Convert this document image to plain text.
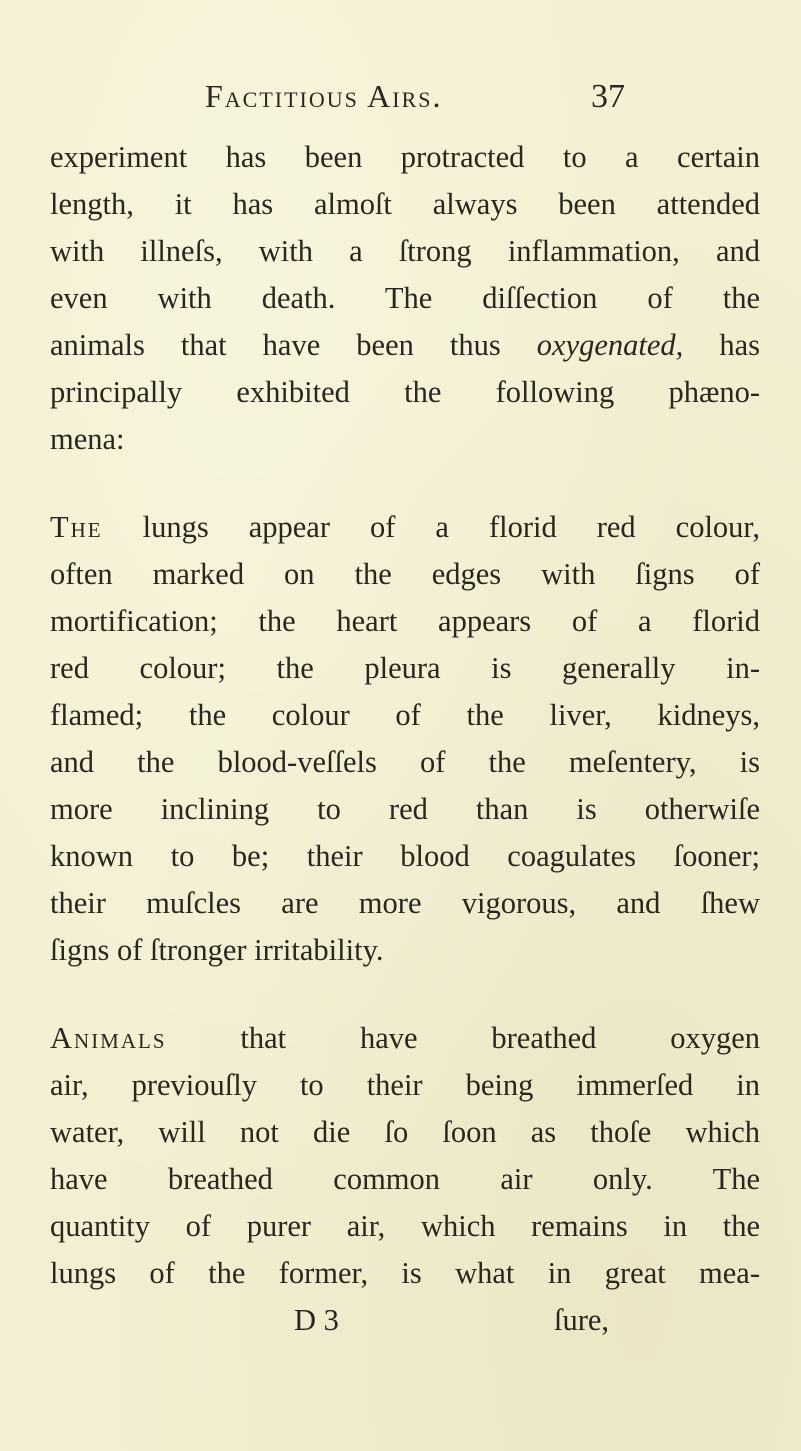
Factitious Airs.	37
experiment has been protracted to a certain
length, it has almoſt always been attended
with illneſs, with a ſtrong inflammation, and
even with death. The diſſection of the
animals that have been thus oxygenated, has
principally exhibited the following phæno-
mena:
The lungs appear of a florid red colour,
often marked on the edges with ſigns of
mortification; the heart appears of a florid
red colour; the pleura is generally in-
flamed; the colour of the liver, kidneys,
and the blood-veſſels of the meſentery, is
more inclining to red than is otherwiſe
known to be; their blood coagulates ſooner;
their muſcles are more vigorous, and ſhew
ſigns of ſtronger irritability.
Animals that have breathed oxygen
air, previouſly to their being immerſed in
water, will not die ſo ſoon as thoſe which
have breathed common air only. The
quantity of purer air, which remains in the
lungs of the former, is what in great mea-
D 3	ſure,
